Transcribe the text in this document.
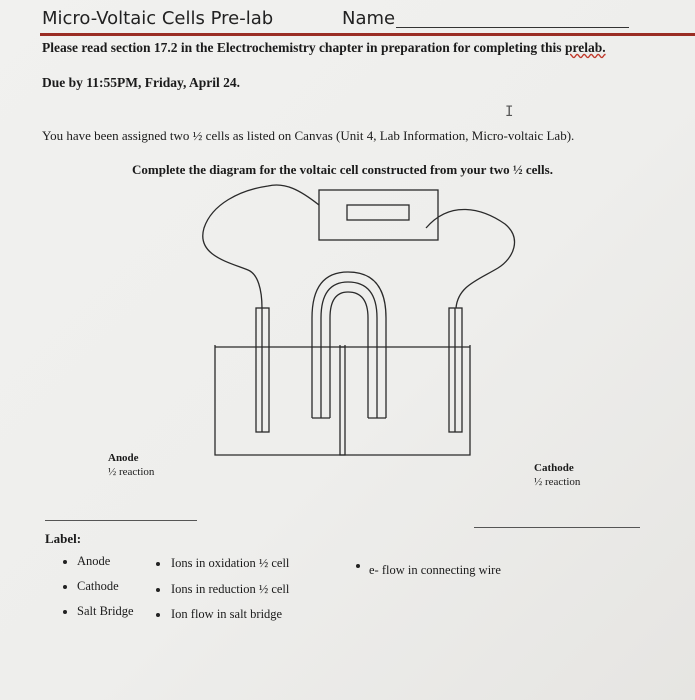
Micro-Voltaic Cells Pre-lab	Name
Please read section 17.2 in the Electrochemistry chapter in preparation for completing this prelab.
Due by 11:55PM, Friday, April 24.
I
You have been assigned two ½ cells as listed on Canvas (Unit 4, Lab Information, Micro-voltaic Lab).
Complete the diagram for the voltaic cell constructed from your two ½ cells.
Anode
½ reaction	Cathode
½ reaction
Label:
Anode
Cathode
Salt Bridge
Ions in oxidation ½ cell
Ions in reduction ½ cell
Ion flow in salt bridge
e- flow in connecting wire
